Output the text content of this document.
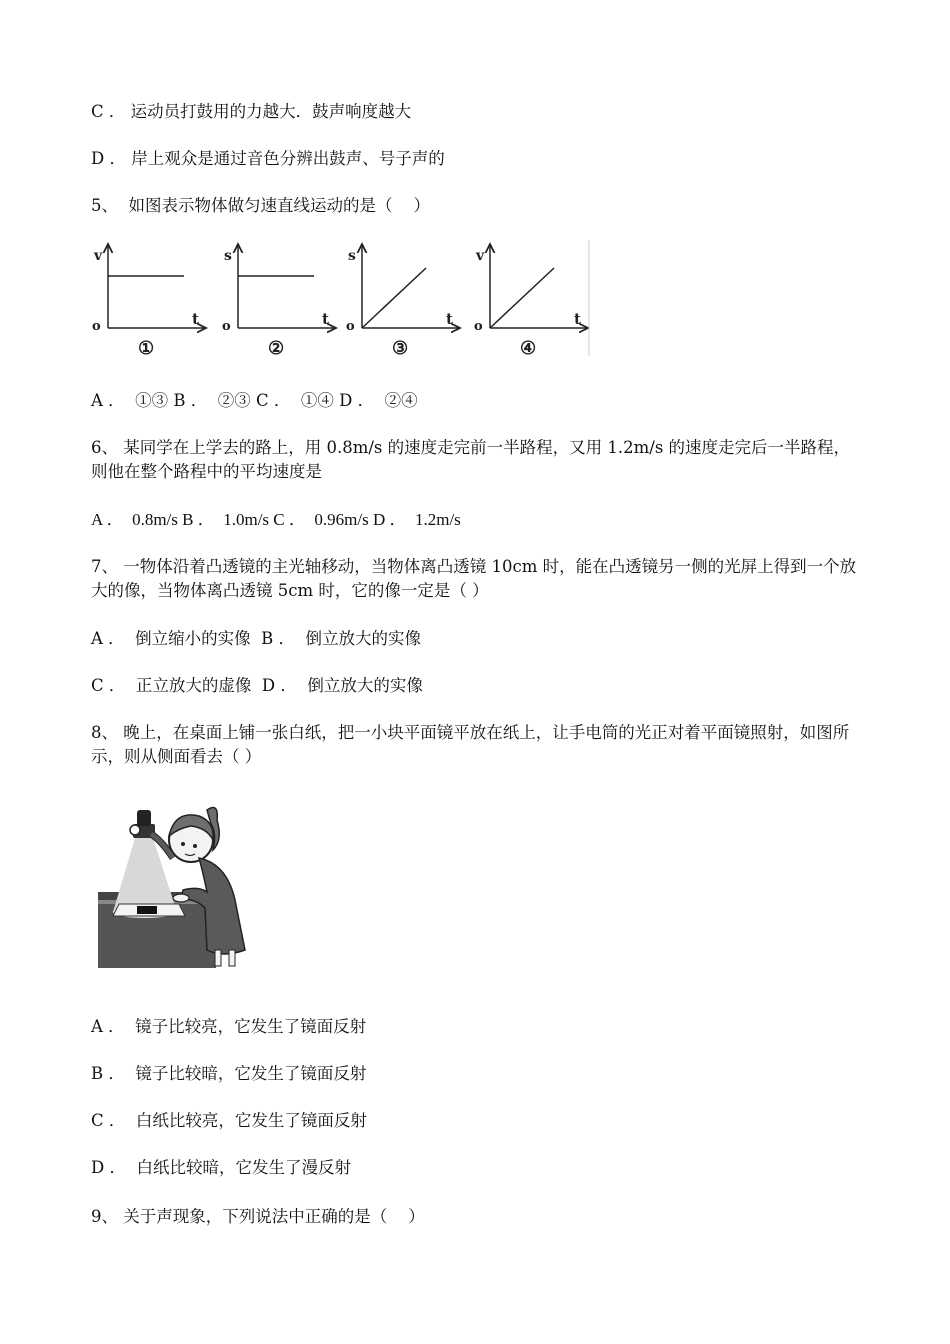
C ． 运动员打鼓用的力越大．鼓声响度越大
D ． 岸上观众是通过音色分辨出鼓声、号子声的
5、  如图表示物体做匀速直线运动的是（    ）
v
t
o
①
s
t
o
②
s
t
o
③
v
t
o
④
A ．  ①③ B ．  ②③ C ．  ①④ D ．  ②④
6、 某同学在上学去的路上，用 0.8m/s 的速度走完前一半路程，又用 1.2m/s 的速度走完后一半路程，则他在整个路程中的平均速度是
A ．  0.8m/s B ．  1.0m/s C ．  0.96m/s D ．  1.2m/s
7、 一物体沿着凸透镜的主光轴移动，当物体离凸透镜 10cm 时，能在凸透镜另一侧的光屏上得到一个放大的像，当物体离凸透镜 5cm 时，它的像一定是（ ）
A ．  倒立缩小的实像  B ．  倒立放大的实像
C ．  正立放大的虚像  D ．  倒立放大的实像
8、 晚上，在桌面上铺一张白纸，把一小块平面镜平放在纸上，让手电筒的光正对着平面镜照射，如图所示，则从侧面看去（ ）
A ．  镜子比较亮，它发生了镜面反射
B ．  镜子比较暗，它发生了镜面反射
C ．  白纸比较亮，它发生了镜面反射
D ．  白纸比较暗，它发生了漫反射
9、 关于声现象，下列说法中正确的是（    ）
